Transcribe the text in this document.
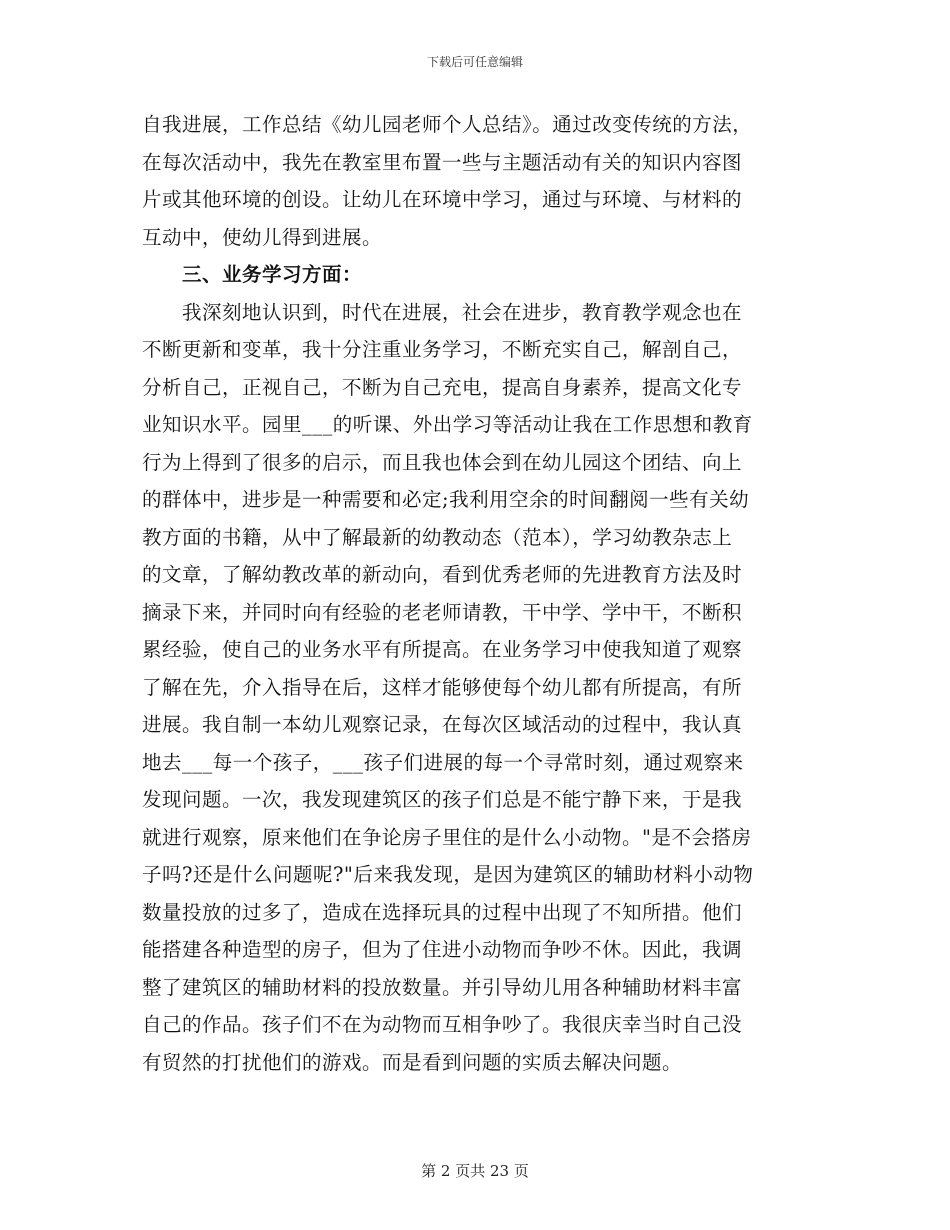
下载后可任意编辑
自我进展，工作总结《幼儿园老师个人总结》。通过改变传统的方法，
在每次活动中，我先在教室里布置一些与主题活动有关的知识内容图
片或其他环境的创设。让幼儿在环境中学习，通过与环境、与材料的
互动中，使幼儿得到进展。
三、业务学习方面：
我深刻地认识到，时代在进展，社会在进步，教育教学观念也在
不断更新和变革，我十分注重业务学习，不断充实自己，解剖自己，
分析自己，正视自己，不断为自己充电，提高自身素养，提高文化专
业知识水平。园里___的听课、外出学习等活动让我在工作思想和教育
行为上得到了很多的启示，而且我也体会到在幼儿园这个团结、向上
的群体中，进步是一种需要和必定;我利用空余的时间翻阅一些有关幼
教方面的书籍，从中了解最新的幼教动态（范本），学习幼教杂志上
的文章，了解幼教改革的新动向，看到优秀老师的先进教育方法及时
摘录下来，并同时向有经验的老老师请教，干中学、学中干，不断积
累经验，使自己的业务水平有所提高。在业务学习中使我知道了观察
了解在先，介入指导在后，这样才能够使每个幼儿都有所提高，有所
进展。我自制一本幼儿观察记录，在每次区域活动的过程中，我认真
地去___每一个孩子，___孩子们进展的每一个寻常时刻，通过观察来
发现问题。一次，我发现建筑区的孩子们总是不能宁静下来，于是我
就进行观察，原来他们在争论房子里住的是什么小动物。"是不会搭房
子吗?还是什么问题呢?"后来我发现，是因为建筑区的辅助材料小动物
数量投放的过多了，造成在选择玩具的过程中出现了不知所措。他们
能搭建各种造型的房子，但为了住进小动物而争吵不休。因此，我调
整了建筑区的辅助材料的投放数量。并引导幼儿用各种辅助材料丰富
自己的作品。孩子们不在为动物而互相争吵了。我很庆幸当时自己没
有贸然的打扰他们的游戏。而是看到问题的实质去解决问题。
第 2 页共 23 页
